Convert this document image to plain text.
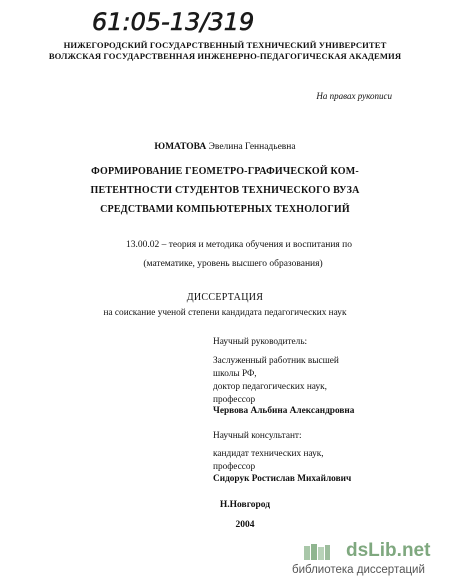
61:05-13/319
НИЖЕГОРОДСКИЙ ГОСУДАРСТВЕННЫЙ ТЕХНИЧЕСКИЙ УНИВЕРСИТЕТ
ВОЛЖСКАЯ ГОСУДАРСТВЕННАЯ ИНЖЕНЕРНО-ПЕДАГОГИЧЕСКАЯ АКАДЕМИЯ
На правах рукописи
ЮМАТОВА Эвелина Геннадьевна
ФОРМИРОВАНИЕ ГЕОМЕТРО-ГРАФИЧЕСКОЙ КОМ-
ПЕТЕНТНОСТИ СТУДЕНТОВ ТЕХНИЧЕСКОГО ВУЗА
СРЕДСТВАМИ КОМПЬЮТЕРНЫХ ТЕХНОЛОГИЙ
13.00.02 – теория и методика обучения и воспитания по
(математике, уровень высшего образования)
ДИССЕРТАЦИЯ
на соискание ученой степени кандидата педагогических наук
Научный руководитель:
Заслуженный работник высшей
школы РФ,
доктор педагогических наук,
профессор
Червова Альбина Александровна
Научный консультант:
кандидат технических наук,
профессор
Сидорук Ростислав Михайлович
Н.Новгород
2004
dsLib.net
библиотека диссертаций
